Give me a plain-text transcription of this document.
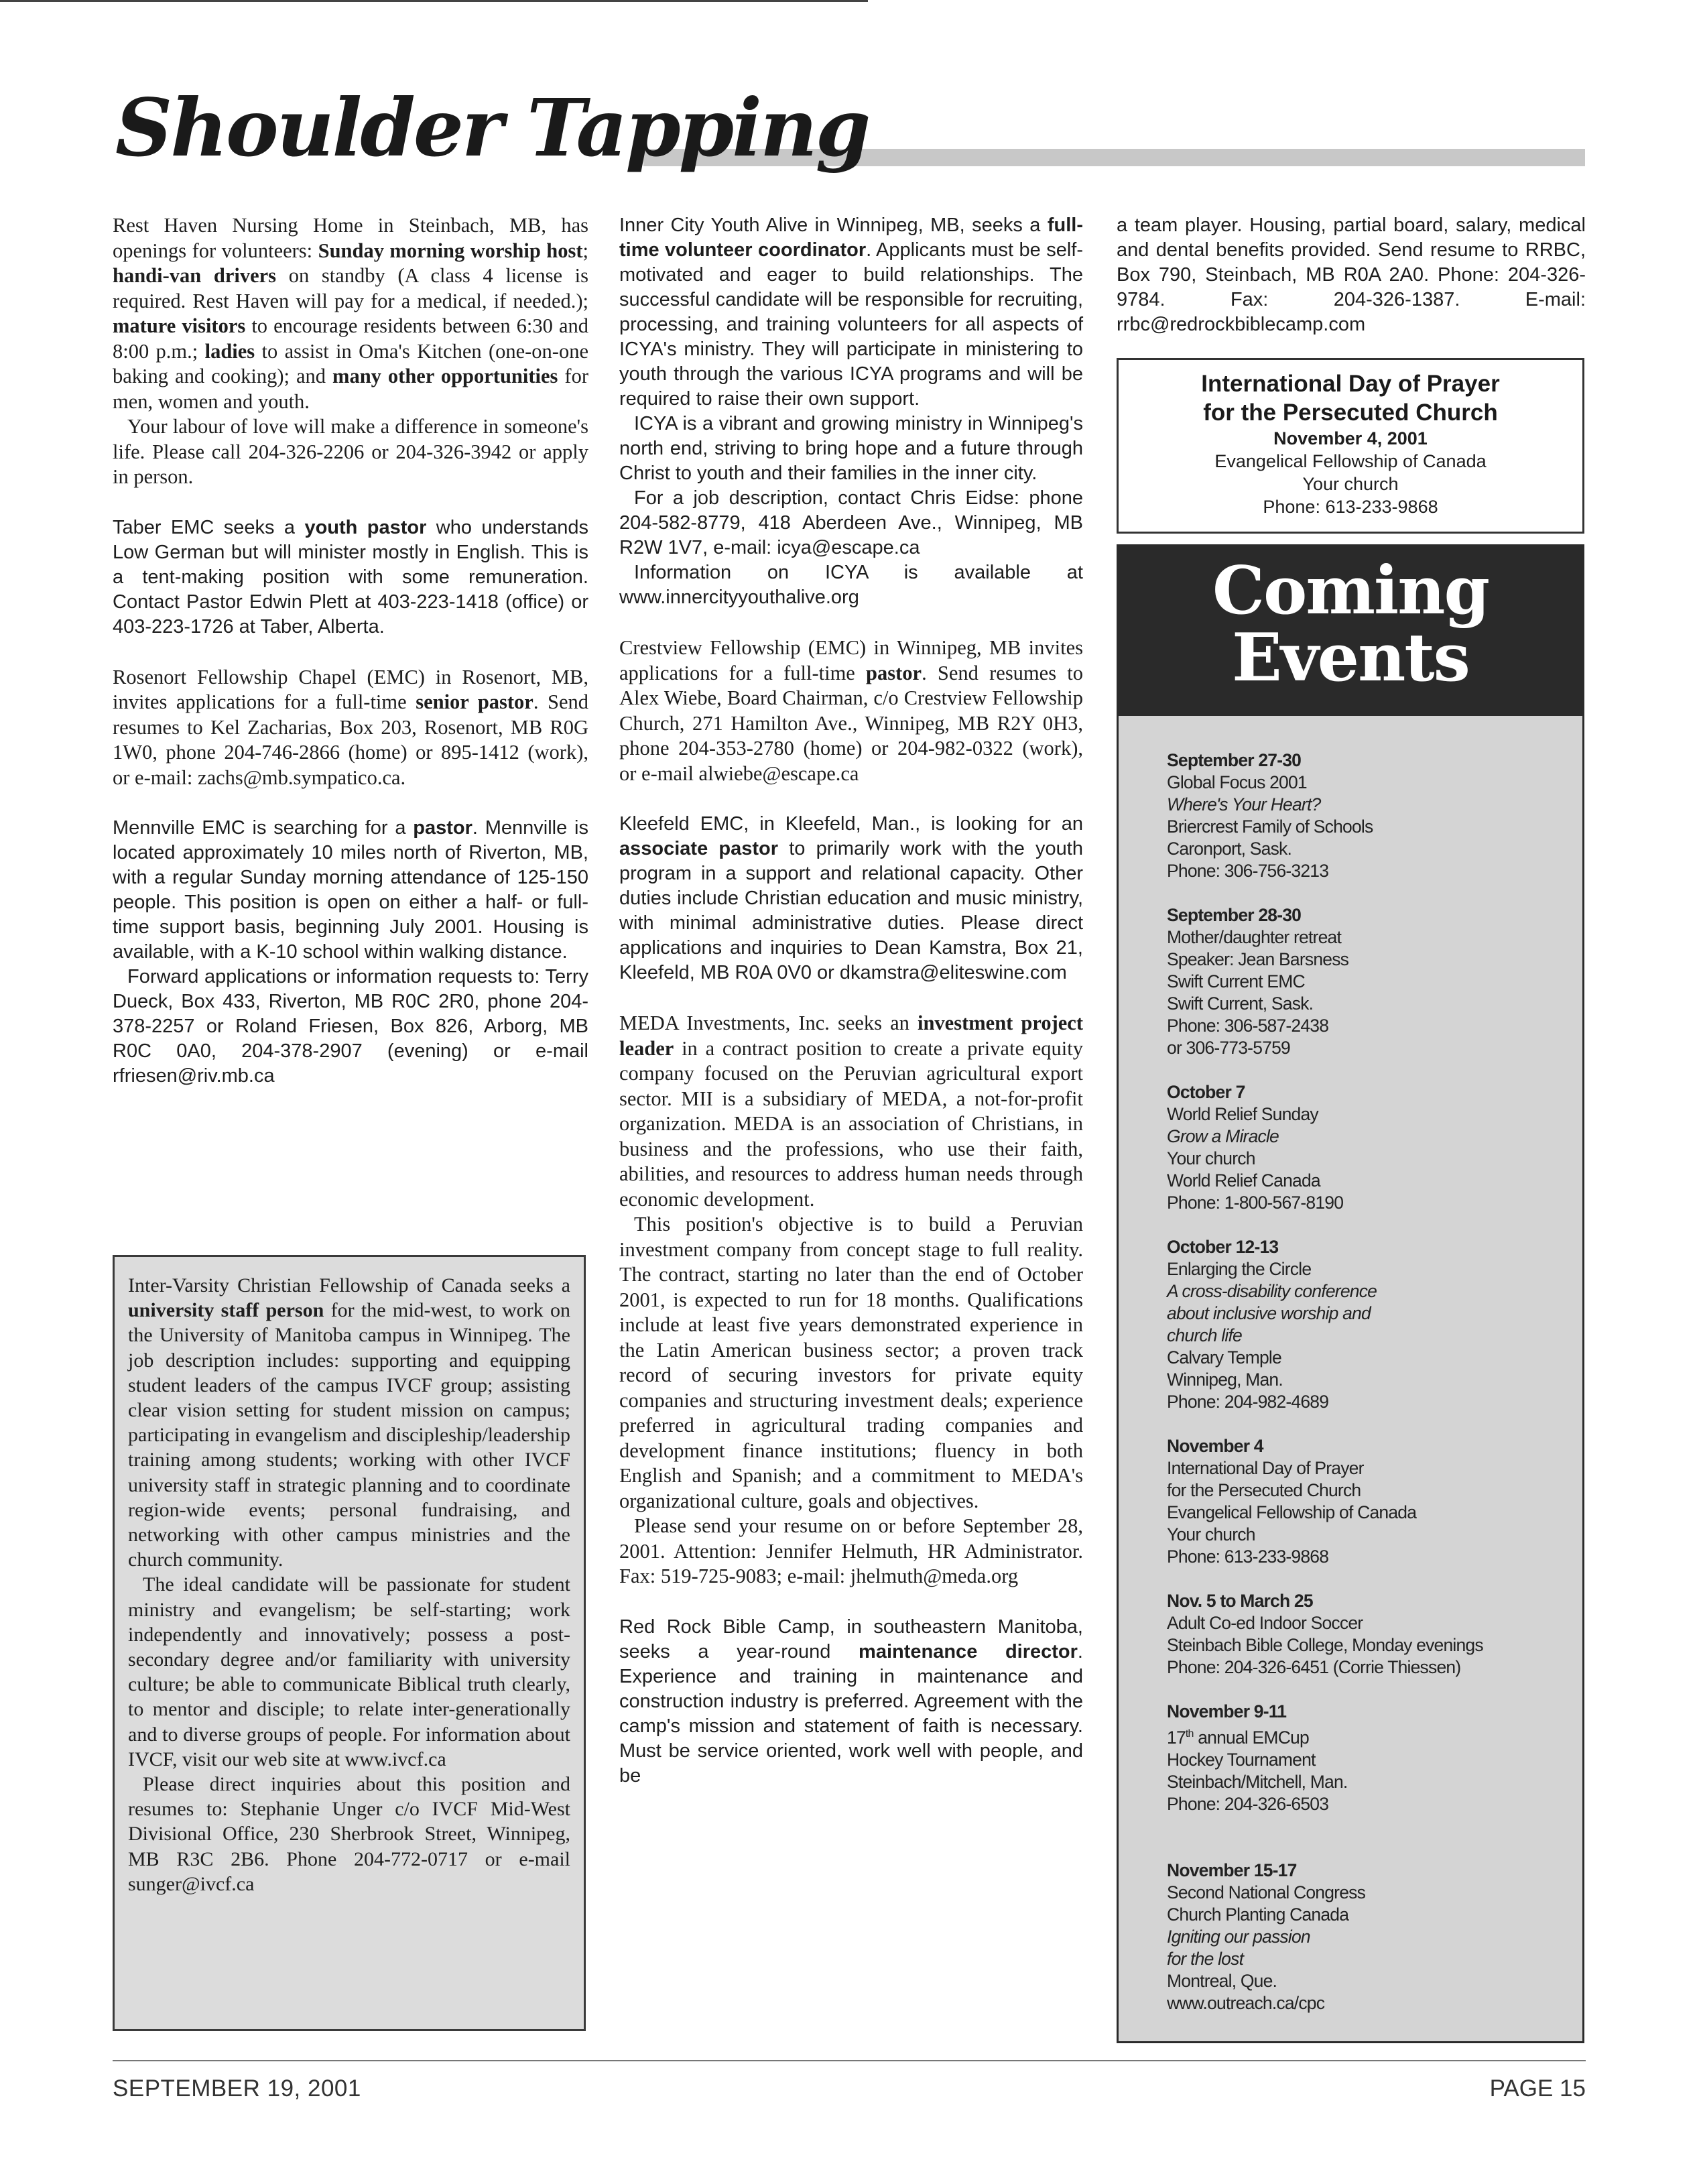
Shoulder Tapping

Rest Haven Nursing Home in Steinbach, MB, has openings for volunteers: Sunday morning worship host; handi-van drivers on standby (A class 4 license is required. Rest Haven will pay for a medical, if needed.); mature visitors to encourage residents between 6:30 and 8:00 p.m.; ladies to assist in Oma's Kitchen (one-on-one baking and cooking); and many other opportunities for men, women and youth.

Your labour of love will make a difference in someone's life. Please call 204-326-2206 or 204-326-3942 or apply in person.

Taber EMC seeks a youth pastor who understands Low German but will minister mostly in English. This is a tent-making position with some remuneration. Contact Pastor Edwin Plett at 403-223-1418 (office) or 403-223-1726 at Taber, Alberta.

Rosenort Fellowship Chapel (EMC) in Rosenort, MB, invites applications for a full-time senior pastor. Send resumes to Kel Zacharias, Box 203, Rosenort, MB R0G 1W0, phone 204-746-2866 (home) or 895-1412 (work), or e-mail: zachs@mb.sympatico.ca.

Mennville EMC is searching for a pastor. Mennville is located approximately 10 miles north of Riverton, MB, with a regular Sunday morning attendance of 125-150 people. This position is open on either a half- or full-time support basis, beginning July 2001. Housing is available, with a K-10 school within walking distance.

Forward applications or information requests to: Terry Dueck, Box 433, Riverton, MB R0C 2R0, phone 204-378-2257 or Roland Friesen, Box 826, Arborg, MB R0C 0A0, 204-378-2907 (evening) or e-mail rfriesen@riv.mb.ca

Inter-Varsity Christian Fellowship of Canada seeks a university staff person for the mid-west, to work on the University of Manitoba campus in Winnipeg. The job description includes: supporting and equipping student leaders of the campus IVCF group; assisting clear vision setting for student mission on campus; participating in evangelism and discipleship/leadership training among students; working with other IVCF university staff in strategic planning and to coordinate region-wide events; personal fundraising, and networking with other campus ministries and the church community.

The ideal candidate will be passionate for student ministry and evangelism; be self-starting; work independently and innovatively; possess a post-secondary degree and/or familiarity with university culture; be able to communicate Biblical truth clearly, to mentor and disciple; to relate inter-generationally and to diverse groups of people. For information about IVCF, visit our web site at www.ivcf.ca

Please direct inquiries about this position and resumes to: Stephanie Unger c/o IVCF Mid-West Divisional Office, 230 Sherbrook Street, Winnipeg, MB R3C 2B6. Phone 204-772-0717 or e-mail sunger@ivcf.ca

Inner City Youth Alive in Winnipeg, MB, seeks a full-time volunteer coordinator. Applicants must be self-motivated and eager to build relationships. The successful candidate will be responsible for recruiting, processing, and training volunteers for all aspects of ICYA's ministry. They will participate in ministering to youth through the various ICYA programs and will be required to raise their own support.

ICYA is a vibrant and growing ministry in Winnipeg's north end, striving to bring hope and a future through Christ to youth and their families in the inner city.

For a job description, contact Chris Eidse: phone 204-582-8779, 418 Aberdeen Ave., Winnipeg, MB R2W 1V7, e-mail: icya@escape.ca

Information on ICYA is available at www.innercityyouthalive.org

Crestview Fellowship (EMC) in Winnipeg, MB invites applications for a full-time pastor. Send resumes to Alex Wiebe, Board Chairman, c/o Crestview Fellowship Church, 271 Hamilton Ave., Winnipeg, MB R2Y 0H3, phone 204-353-2780 (home) or 204-982-0322 (work), or e-mail alwiebe@escape.ca

Kleefeld EMC, in Kleefeld, Man., is looking for an associate pastor to primarily work with the youth program in a support and relational capacity. Other duties include Christian education and music ministry, with minimal administrative duties. Please direct applications and inquiries to Dean Kamstra, Box 21, Kleefeld, MB R0A 0V0 or dkamstra@eliteswine.com

MEDA Investments, Inc. seeks an investment project leader in a contract position to create a private equity company focused on the Peruvian agricultural export sector. MII is a subsidiary of MEDA, a not-for-profit organization. MEDA is an association of Christians, in business and the professions, who use their faith, abilities, and resources to address human needs through economic development.

This position's objective is to build a Peruvian investment company from concept stage to full reality. The contract, starting no later than the end of October 2001, is expected to run for 18 months. Qualifications include at least five years demonstrated experience in the Latin American business sector; a proven track record of securing investors for private equity companies and structuring investment deals; experience preferred in agricultural trading companies and development finance institutions; fluency in both English and Spanish; and a commitment to MEDA's organizational culture, goals and objectives.

Please send your resume on or before September 28, 2001. Attention: Jennifer Helmuth, HR Administrator. Fax: 519-725-9083; e-mail: jhelmuth@meda.org

Red Rock Bible Camp, in southeastern Manitoba, seeks a year-round maintenance director. Experience and training in maintenance and construction industry is preferred. Agreement with the camp's mission and statement of faith is necessary. Must be service oriented, work well with people, and be

a team player. Housing, partial board, salary, medical and dental benefits provided. Send resume to RRBC, Box 790, Steinbach, MB R0A 2A0. Phone: 204-326-9784. Fax: 204-326-1387. E-mail: rrbc@redrockbiblecamp.com

International Day of Prayer
for the Persecuted Church
November 4, 2001
Evangelical Fellowship of Canada
Your church
Phone: 613-233-9868
Coming
Events
September 27-30
Global Focus 2001
Where's Your Heart?
Briercrest Family of Schools
Caronport, Sask.
Phone: 306-756-3213
September 28-30
Mother/daughter retreat
Speaker: Jean Barsness
Swift Current EMC
Swift Current, Sask.
Phone: 306-587-2438
or 306-773-5759
October 7
World Relief Sunday
Grow a Miracle
Your church
World Relief Canada
Phone: 1-800-567-8190
October 12-13
Enlarging the Circle
A cross-disability conference
about inclusive worship and
church life
Calvary Temple
Winnipeg, Man.
Phone: 204-982-4689
November 4
International Day of Prayer
for the Persecuted Church
Evangelical Fellowship of Canada
Your church
Phone: 613-233-9868
Nov. 5 to March 25
Adult Co-ed Indoor Soccer
Steinbach Bible College, Monday evenings
Phone: 204-326-6451 (Corrie Thiessen)
November 9-11
17th annual EMCup
Hockey Tournament
Steinbach/Mitchell, Man.
Phone: 204-326-6503
November 15-17
Second National Congress
Church Planting Canada
Igniting our passion
for the lost
Montreal, Que.
www.outreach.ca/cpc
SEPTEMBER 19, 2001	PAGE 15
